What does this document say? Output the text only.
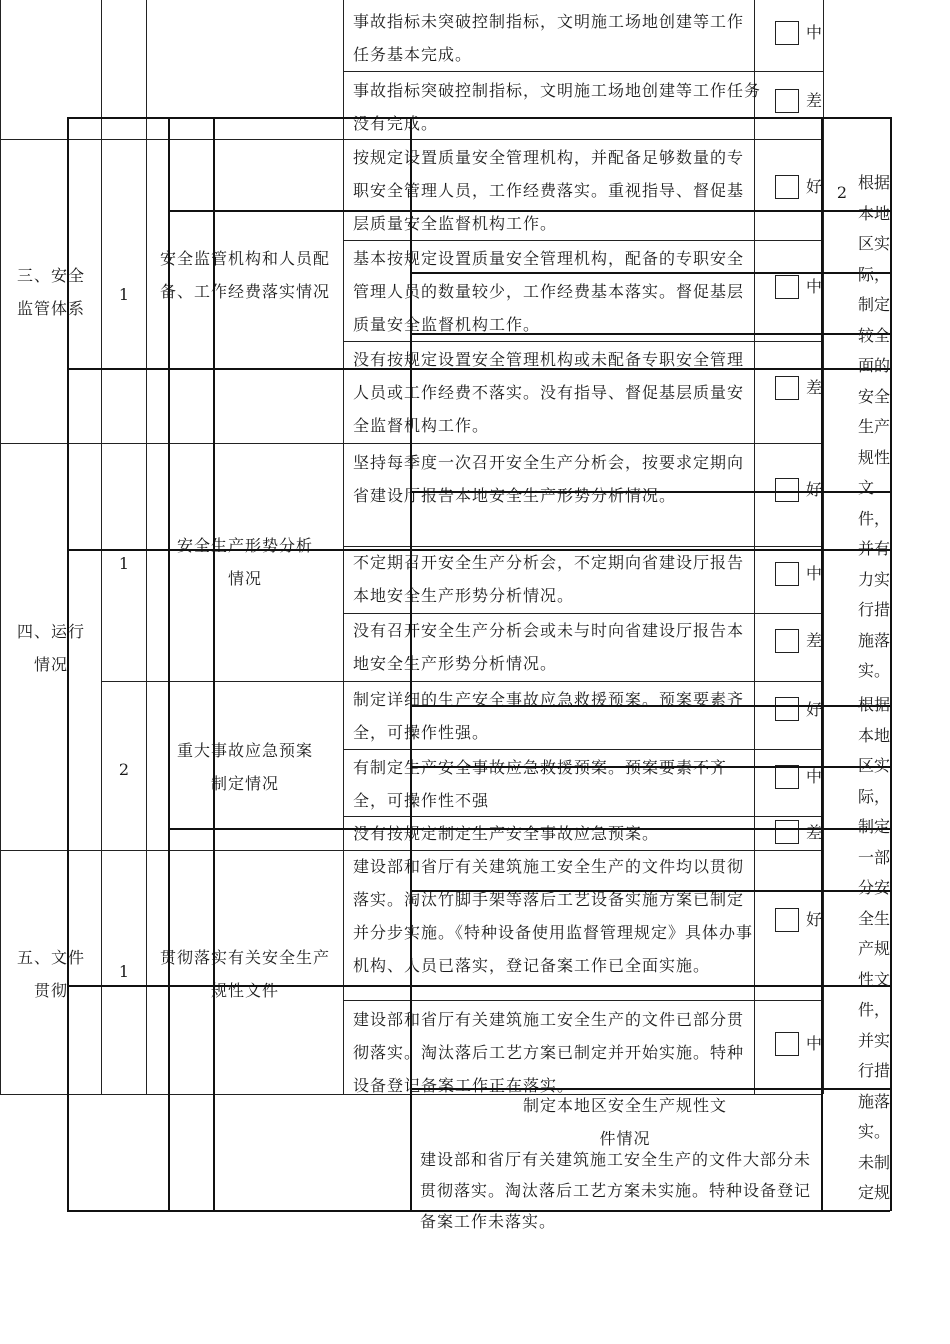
事故指标未突破控制指标，文明施工场地创建等工作任务基本完成。
中
事故指标突破控制指标，文明施工场地创建等工作任务没有完成。
差
三、安全监管体系
1
安全监管机构和人员配备、工作经费落实情况
按规定设置质量安全管理机构，并配备足够数量的专职安全管理人员，工作经费落实。重视指导、督促基层质量安全监督机构工作。
好
基本按规定设置质量安全管理机构，配备的专职安全管理人员的数量较少，工作经费基本落实。督促基层质量安全监督机构工作。
中
没有按规定设置安全管理机构或未配备专职安全管理人员或工作经费不落实。没有指导、督促基层质量安全监督机构工作。
差
四、运行情况
1
安全生产形势分析情况
坚持每季度一次召开安全生产分析会，按要求定期向省建设厅报告本地安全生产形势分析情况。	好
不定期召开安全生产分析会，不定期向省建设厅报告本地安全生产形势分析情况。
中
没有召开安全生产分析会或未与时向省建设厅报告本地安全生产形势分析情况。
差
2
重大事故应急预案制定情况
制定详细的生产安全事故应急救援预案。预案要素齐全，可操作性强。
好
有制定生产安全事故应急救援预案。预案要素不齐全，可操作性不强
中
没有按规定制定生产安全事故应急预案。	差
五、文件贯彻
1
贯彻落实有关安全生产规性文件
建设部和省厅有关建筑施工安全生产的文件均以贯彻落实。淘汰竹脚手架等落后工艺设备实施方案已制定并分步实施。《特种设备使用监督管理规定》具体办事机构、人员已落实，登记备案工作已全面实施。
好
建设部和省厅有关建筑施工安全生产的文件已部分贯彻落实。淘汰落后工艺方案已制定并开始实施。特种设备登记备案工作正在落实。
中
2
制定本地区安全生产规性文件情况
建设部和省厅有关建筑施工安全生产的文件大部分未贯彻落实。淘汰落后工艺方案未实施。特种设备登记备案工作未落实。
根据本地区实际，制定较全面的安全生产规性文件，并有力实行措施落实。
根据本地区实际，制定一部分安全生产规性文件，并实行措施落实。未制定规
